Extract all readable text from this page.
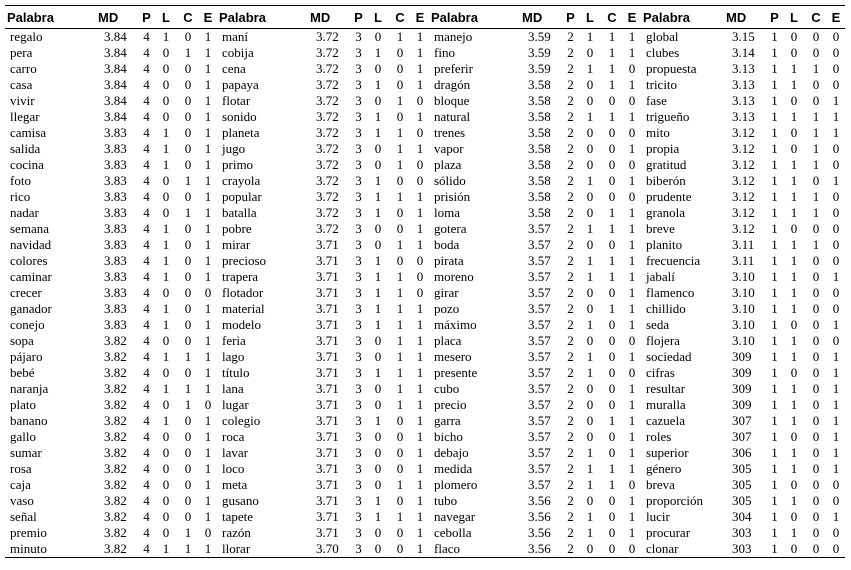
Palabra	MD	P	L	C	E	Palabra	MD	P	L	C	E	Palabra	MD	P	L	C	E	Palabra	MD	P	L	C	E
regalo	3.84	4	1	0	1	maní	3.72	3	0	1	1	manejo	3.59	2	1	1	1	global	3.15	1	0	0	0
pera	3.84	4	0	1	1	cobija	3.72	3	1	0	1	fino	3.59	2	0	1	1	clubes	3.14	1	0	0	0
carro	3.84	4	0	0	1	cena	3.72	3	0	0	1	preferir	3.59	2	1	1	0	propuesta	3.13	1	1	1	0
casa	3.84	4	0	0	1	papaya	3.72	3	1	0	1	dragón	3.58	2	0	1	1	tricito	3.13	1	1	0	0
vivir	3.84	4	0	0	1	flotar	3.72	3	0	1	0	bloque	3.58	2	0	0	0	fase	3.13	1	0	0	1
llegar	3.84	4	0	0	1	sonido	3.72	3	1	0	1	natural	3.58	2	1	1	1	trigueño	3.13	1	1	1	1
camisa	3.83	4	1	0	1	planeta	3.72	3	1	1	0	trenes	3.58	2	0	0	0	mito	3.12	1	0	1	1
salida	3.83	4	1	0	1	jugo	3.72	3	0	1	1	vapor	3.58	2	0	0	1	propia	3.12	1	0	1	0
cocina	3.83	4	1	0	1	primo	3.72	3	0	1	0	plaza	3.58	2	0	0	0	gratitud	3.12	1	1	1	0
foto	3.83	4	0	1	1	crayola	3.72	3	1	0	0	sólido	3.58	2	1	0	1	biberón	3.12	1	1	0	1
rico	3.83	4	0	0	1	popular	3.72	3	1	1	1	prisión	3.58	2	0	0	0	prudente	3.12	1	1	1	0
nadar	3.83	4	0	1	1	batalla	3.72	3	1	0	1	loma	3.58	2	0	1	1	granola	3.12	1	1	1	0
semana	3.83	4	1	0	1	pobre	3.72	3	0	0	1	gotera	3.57	2	1	1	1	breve	3.12	1	0	0	0
navidad	3.83	4	1	0	1	mirar	3.71	3	0	1	1	boda	3.57	2	0	0	1	planito	3.11	1	1	1	0
colores	3.83	4	1	0	1	precioso	3.71	3	1	0	0	pirata	3.57	2	1	1	1	frecuencia	3.11	1	1	0	0
caminar	3.83	4	1	0	1	trapera	3.71	3	1	1	0	moreno	3.57	2	1	1	1	jabalí	3.10	1	1	0	1
crecer	3.83	4	0	0	0	flotador	3.71	3	1	1	0	girar	3.57	2	0	0	1	flamenco	3.10	1	1	0	0
ganador	3.83	4	1	0	1	material	3.71	3	1	1	1	pozo	3.57	2	0	1	1	chillido	3.10	1	1	0	0
conejo	3.83	4	1	0	1	modelo	3.71	3	1	1	1	máximo	3.57	2	1	0	1	seda	3.10	1	0	0	1
sopa	3.82	4	0	0	1	feria	3.71	3	0	1	1	placa	3.57	2	0	0	0	flojera	3.10	1	1	0	0
pájaro	3.82	4	1	1	1	lago	3.71	3	0	1	1	mesero	3.57	2	1	0	1	sociedad	309	1	1	0	1
bebé	3.82	4	0	0	1	título	3.71	3	1	1	1	presente	3.57	2	1	0	0	cifras	309	1	0	0	1
naranja	3.82	4	1	1	1	lana	3.71	3	0	1	1	cubo	3.57	2	0	0	1	resultar	309	1	1	0	1
plato	3.82	4	0	1	0	lugar	3.71	3	0	1	1	precio	3.57	2	0	0	1	muralla	309	1	1	0	1
banano	3.82	4	1	0	1	colegio	3.71	3	1	0	1	garra	3.57	2	0	1	1	cazuela	307	1	1	0	1
gallo	3.82	4	0	0	1	roca	3.71	3	0	0	1	bicho	3.57	2	0	0	1	roles	307	1	0	0	1
sumar	3.82	4	0	0	1	lavar	3.71	3	0	0	1	debajo	3.57	2	1	0	1	superior	306	1	1	0	1
rosa	3.82	4	0	0	1	loco	3.71	3	0	0	1	medida	3.57	2	1	1	1	género	305	1	1	0	1
caja	3.82	4	0	0	1	meta	3.71	3	0	1	1	plomero	3.57	2	1	1	0	breva	305	1	0	0	0
vaso	3.82	4	0	0	1	gusano	3.71	3	1	0	1	tubo	3.56	2	0	0	1	proporción	305	1	1	0	0
señal	3.82	4	0	0	1	tapete	3.71	3	1	1	1	navegar	3.56	2	1	0	1	lucir	304	1	0	0	1
premio	3.82	4	0	1	0	razón	3.71	3	0	0	1	cebolla	3.56	2	1	0	1	procurar	303	1	1	0	0
minuto	3.82	4	1	1	1	llorar	3.70	3	0	0	1	flaco	3.56	2	0	0	0	clonar	303	1	0	0	0
